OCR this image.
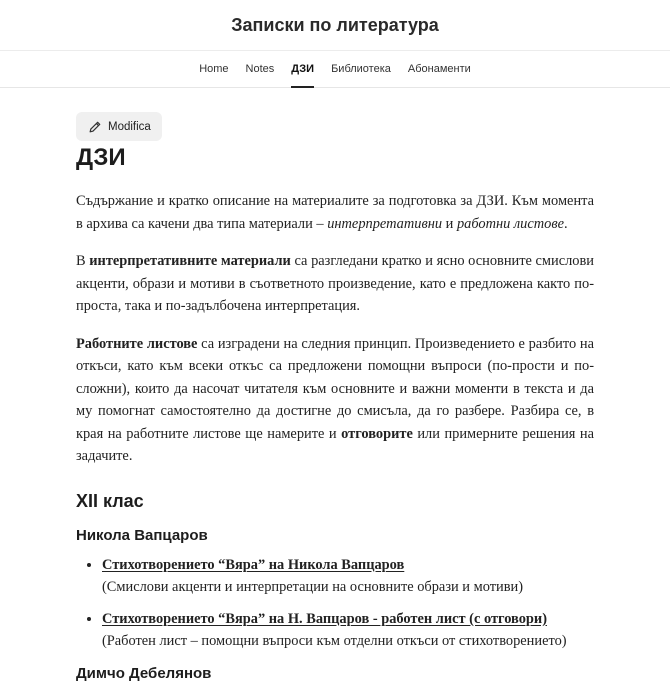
Записки по литература
Home Notes ДЗИ Библиотека Абонаменти
Modifica
ДЗИ

Съдържание и кратко описание на материалите за подготовка за ДЗИ. Към момента в архива са качени два типа материали – интерпретативни и работни листове.

В интерпретативните материали са разгледани кратко и ясно основните смислови акценти, образи и мотиви в съответното произведение, като е предложена както по-проста, така и по-задълбочена интерпретация.

Работните листове са изградени на следния принцип. Произведението е разбито на откъси, като към всеки откъс са предложени помощни въпроси (по-прости и по-сложни), които да насочат читателя към основните и важни моменти в текста и да му помогнат самостоятелно да достигне до смисъла, да го разбере. Разбира се, в края на работните листове ще намерите и отговорите или примерните решения на задачите.

XII клас
Никола Вапцаров
• Стихотворението “Вяра” на Никола Вапцаров
(Смислови акценти и интерпретации на основните образи и мотиви)
• Стихотворението “Вяра” на Н. Вапцаров - работен лист (с отговори)
(Работен лист – помощни въпроси към отделни откъси от стихотворението)
Димчо Дебелянов
